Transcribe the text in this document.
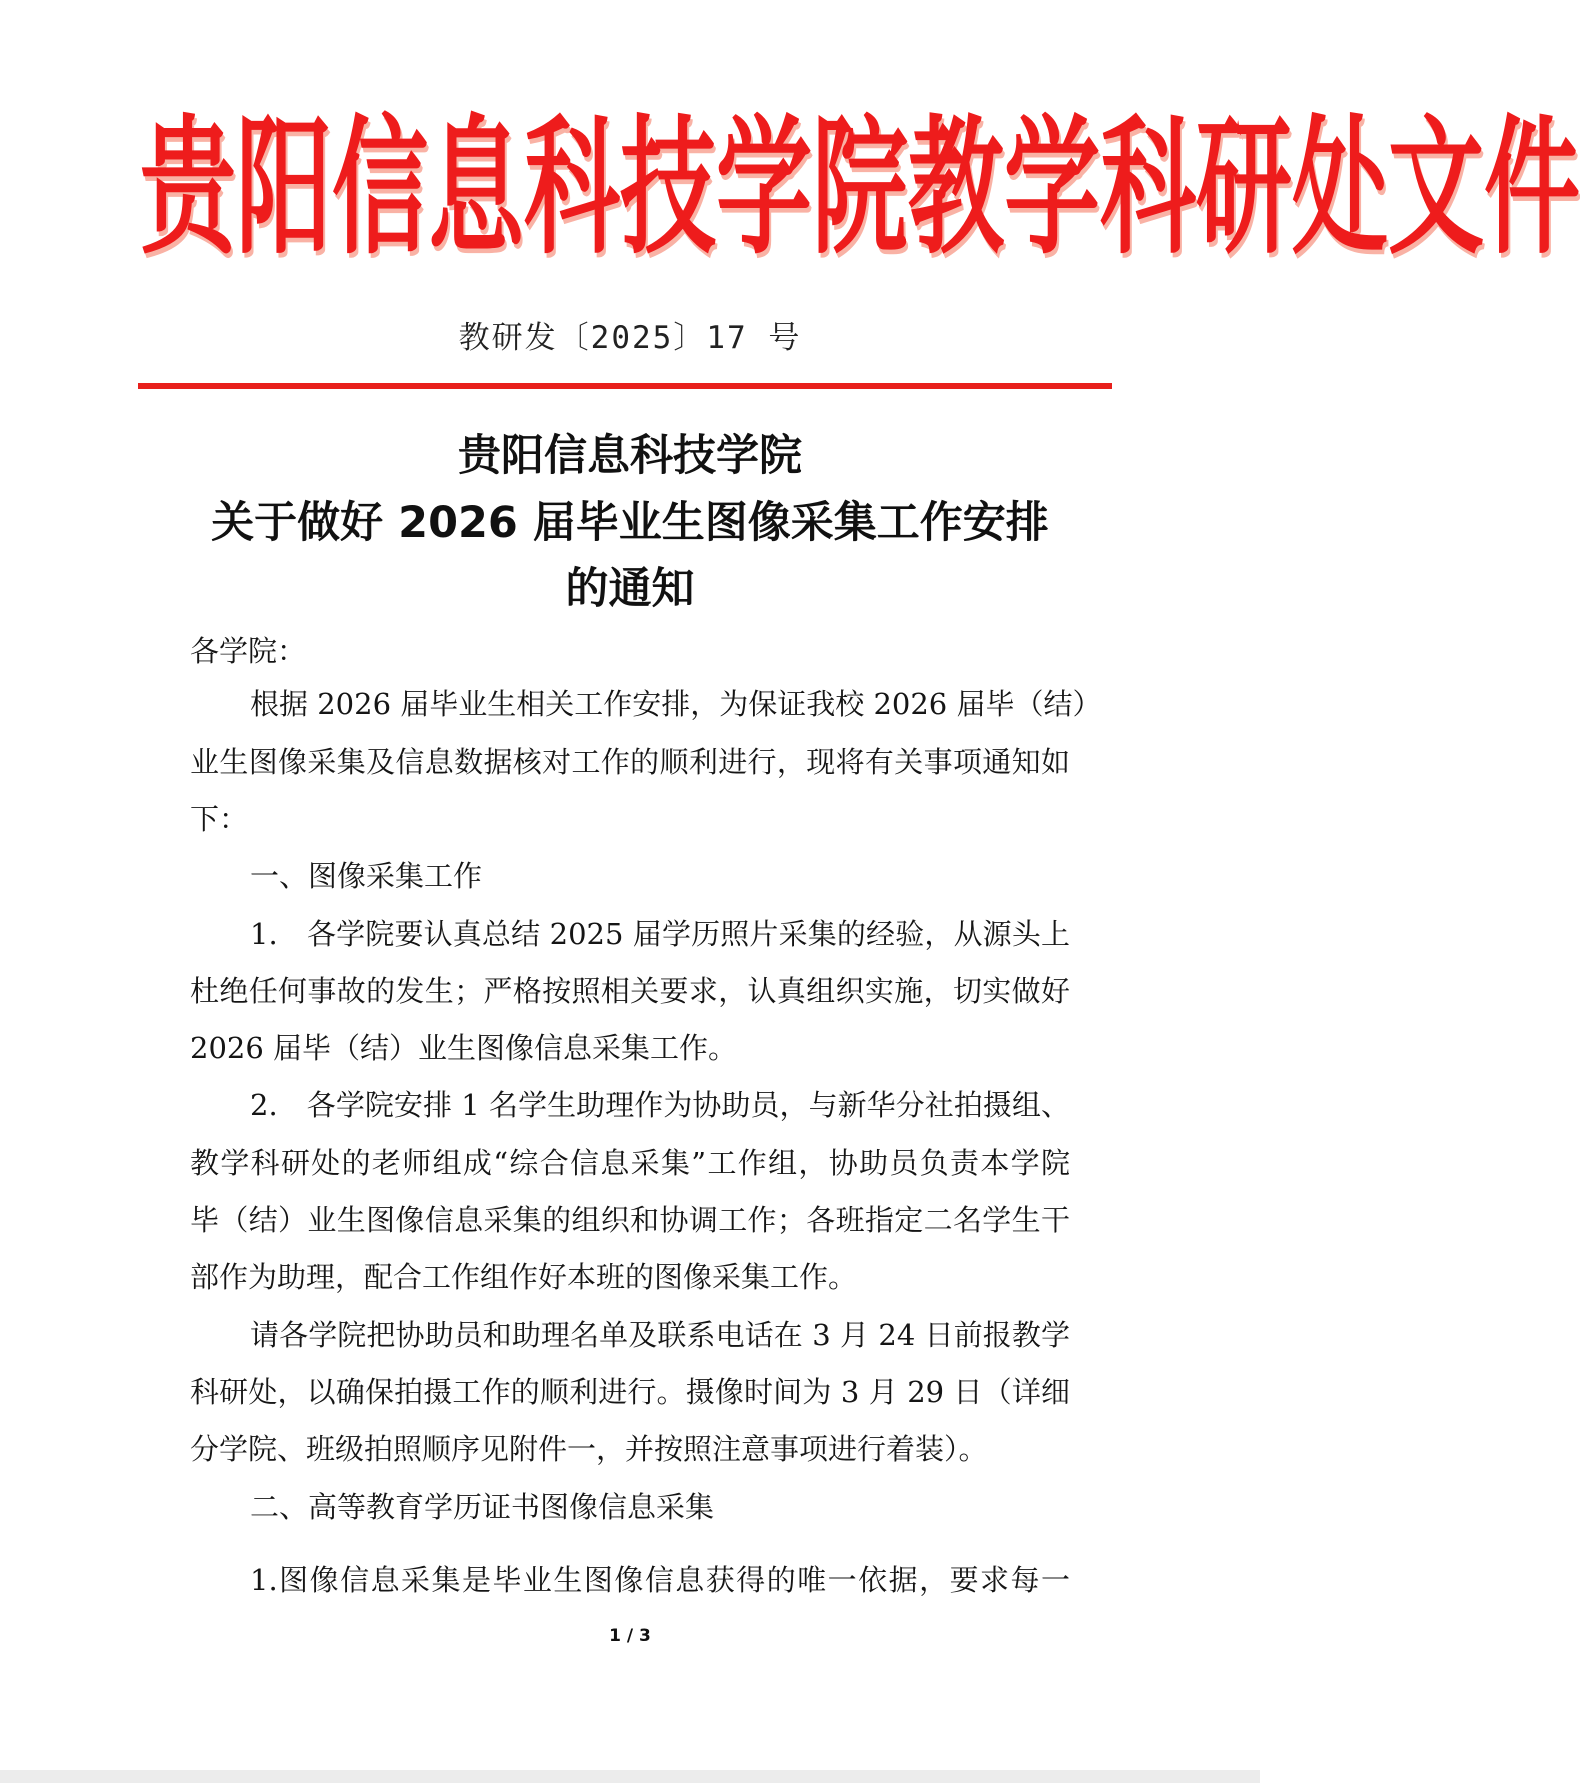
贵 阳 信 息 科 技 学 院 教 学 科 研 处 文 件
教研发〔2025〕17 号
贵阳信息科技学院
关于做好 2026 届毕业生图像采集工作安排
的通知
各学院：
根据 2026 届毕业生相关工作安排，为保证我校 2026 届毕（结）
业生图像采集及信息数据核对工作的顺利进行，现将有关事项通知如
下：
一、图像采集工作
1.　各学院要认真总结 2025 届学历照片采集的经验，从源头上
杜绝任何事故的发生；严格按照相关要求，认真组织实施，切实做好
2026 届毕（结）业生图像信息采集工作。
2.　各学院安排 1 名学生助理作为协助员，与新华分社拍摄组、
教学科研处的老师组成“综合信息采集”工作组，协助员负责本学院
毕（结）业生图像信息采集的组织和协调工作；各班指定二名学生干
部作为助理，配合工作组作好本班的图像采集工作。
请各学院把协助员和助理名单及联系电话在 3 月 24 日前报教学
科研处，以确保拍摄工作的顺利进行。摄像时间为 3 月 29 日（详细
分学院、班级拍照顺序见附件一，并按照注意事项进行着装）。
二、高等教育学历证书图像信息采集
1.图像信息采集是毕业生图像信息获得的唯一依据，要求每一
1 / 3
